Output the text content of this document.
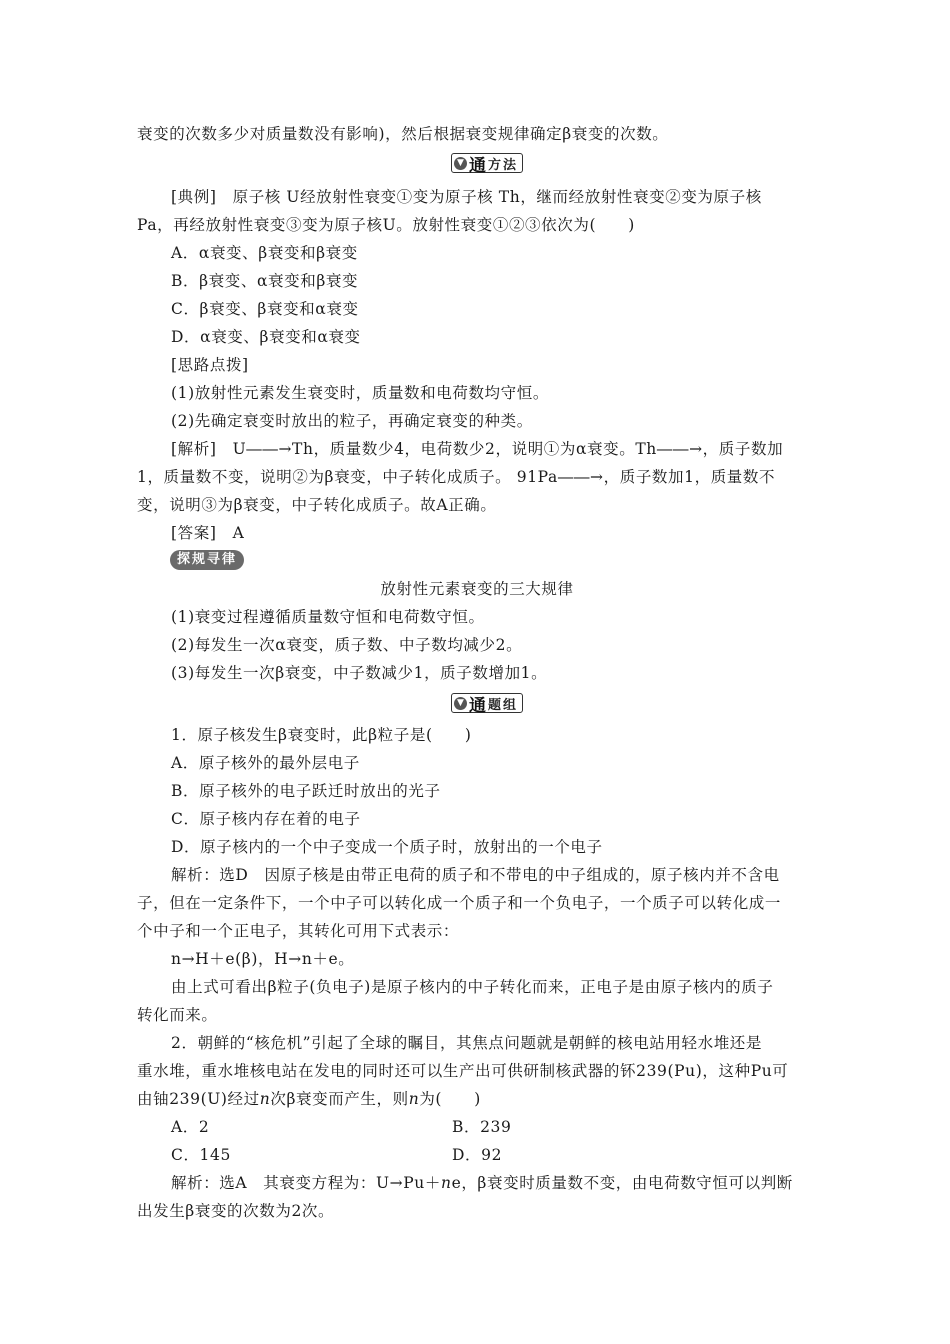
衰变的次数多少对质量数没有影响)，然后根据衰变规律确定β衰变的次数。
▼ 通 方法
[典例]　原子核 U经放射性衰变①变为原子核 Th，继而经放射性衰变②变为原子核
Pa，再经放射性衰变③变为原子核U。放射性衰变①②③依次为(　　)
A．α衰变、β衰变和β衰变
B．β衰变、α衰变和β衰变
C．β衰变、β衰变和α衰变
D．α衰变、β衰变和α衰变
[思路点拨]
(1)放射性元素发生衰变时，质量数和电荷数均守恒。
(2)先确定衰变时放出的粒子，再确定衰变的种类。
[解析]　U――→Th，质量数少4，电荷数少2，说明①为α衰变。Th――→，质子数加
1，质量数不变，说明②为β衰变，中子转化成质子。 91Pa――→，质子数加1，质量数不
变，说明③为β衰变，中子转化成质子。故A正确。
[答案]　A
探规寻律
放射性元素衰变的三大规律
(1)衰变过程遵循质量数守恒和电荷数守恒。
(2)每发生一次α衰变，质子数、中子数均减少2。
(3)每发生一次β衰变，中子数减少1，质子数增加1。
▼ 通 题组
1．原子核发生β衰变时，此β粒子是(　　)
A．原子核外的最外层电子
B．原子核外的电子跃迁时放出的光子
C．原子核内存在着的电子
D．原子核内的一个中子变成一个质子时，放射出的一个电子
解析：选D　因原子核是由带正电荷的质子和不带电的中子组成的，原子核内并不含电
子，但在一定条件下，一个中子可以转化成一个质子和一个负电子，一个质子可以转化成一
个中子和一个正电子，其转化可用下式表示：
n→H＋e(β)，H→n＋e。
由上式可看出β粒子(负电子)是原子核内的中子转化而来，正电子是由原子核内的质子
转化而来。
2．朝鲜的“核危机”引起了全球的瞩目，其焦点问题就是朝鲜的核电站用轻水堆还是
重水堆，重水堆核电站在发电的同时还可以生产出可供研制核武器的钚239(Pu)，这种Pu可
由铀239(U)经过n次β衰变而产生，则n为(　　)
A．2	B．239
C．145	D．92
解析：选A　其衰变方程为：U→Pu＋ne，β衰变时质量数不变，由电荷数守恒可以判断
出发生β衰变的次数为2次。
